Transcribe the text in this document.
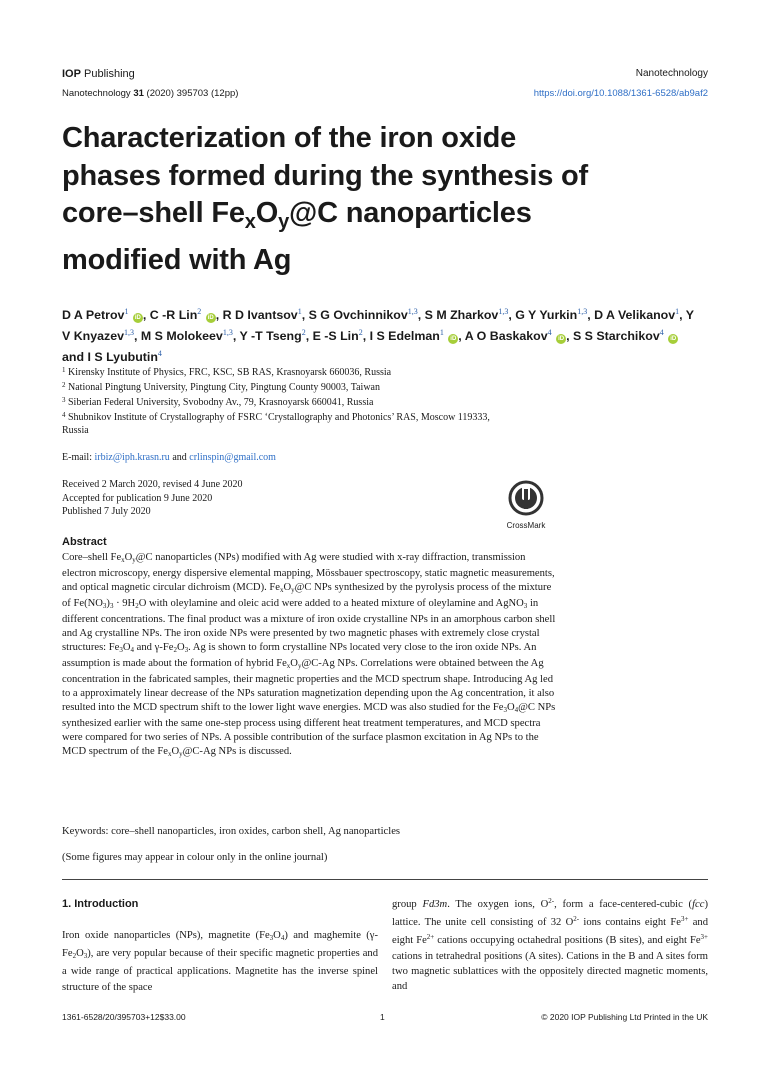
IOP Publishing	Nanotechnology
Nanotechnology 31 (2020) 395703 (12pp)	https://doi.org/10.1088/1361-6528/ab9af2
Characterization of the iron oxide
phases formed during the synthesis of
core–shell $Fe_xO_y@C$ nanoparticles
modified with Ag
D A Petrov$^1$ iD , C -R Lin$^2$ iD , R D Ivantsov$^1$, S G Ovchinnikov$^{1,3}$, S M Zharkov$^{1,3}$, G Y Yurkin$^{1,3}$, D A Velikanov$^1$, Y V Knyazev$^{1,3}$, M S Molokeev$^{1,3}$, Y -T Tseng$^2$, E -S Lin$^2$, I S Edelman$^1$ iD , A O Baskakov$^4$ iD , S S Starchikov$^4$ iD and I S Lyubutin$^4$
$^1$ Kirensky Institute of Physics, FRC, KSC, SB RAS, Krasnoyarsk 660036, Russia
$^2$ National Pingtung University, Pingtung City, Pingtung County 90003, Taiwan
$^3$ Siberian Federal University, Svobodny Av., 79, Krasnoyarsk 660041, Russia
$^4$ Shubnikov Institute of Crystallography of FSRC ‘Crystallography and Photonics’ RAS, Moscow 119333, Russia
E-mail: irbiz@iph.krasn.ru and crlinspin@gmail.com
Received 2 March 2020, revised 4 June 2020
Accepted for publication 9 June 2020
Published 7 July 2020
CrossMark
Abstract
Core–shell $Fe_xO_y@C$ nanoparticles (NPs) modified with Ag were studied with x-ray diffraction, transmission electron microscopy, energy dispersive elemental mapping, Mössbauer spectroscopy, static magnetic measurements, and optical magnetic circular dichroism (MCD). $Fe_xO_y@C$ NPs synthesized by the pyrolysis process of the mixture of $Fe(NO_3)_3 \cdot 9H_2O$ with oleylamine and oleic acid were added to a heated mixture of oleylamine and AgNO$_3$ in different concentrations. The final product was a mixture of iron oxide crystalline NPs in an amorphous carbon shell and Ag crystalline NPs. The iron oxide NPs were presented by two magnetic phases with extremely close crystal structures: $Fe_3O_4$ and $\gamma-Fe_2O_3$. Ag is shown to form crystalline NPs located very close to the iron oxide NPs. An assumption is made about the formation of hybrid $Fe_xO_y@C-Ag$ NPs. Correlations were obtained between the Ag concentration in the fabricated samples, their magnetic properties and the MCD spectrum shape. Introducing Ag led to a approximately linear decrease of the NPs saturation magnetization depending upon the Ag concentration, it also resulted into the MCD spectrum shift to the lower light wave energies. MCD was also studied for the $Fe_3O_4@C$ NPs synthesized earlier with the same one-step process using different heat treatment temperatures, and MCD spectra were compared for two series of NPs. A possible contribution of the surface plasmon excitation in Ag NPs to the MCD spectrum of the $Fe_xO_y@C-Ag$ NPs is discussed.
Keywords: core–shell nanoparticles, iron oxides, carbon shell, Ag nanoparticles
(Some figures may appear in colour only in the online journal)
1. Introduction
Iron oxide nanoparticles (NPs), magnetite $(Fe_3O_4)$ and maghemite $(\gamma-Fe_2O_3)$, are very popular because of their specific magnetic properties and a wide range of practical applications. Magnetite has the inverse spinel structure of the space
group Fd3m. The oxygen ions, $O^{2-}$, form a face-centered-cubic (fcc) lattice. The unite cell consisting of 32 $O^{2-}$ ions contains eight $Fe^{3+}$ and eight $Fe^{2+}$ cations occupying octahedral positions (B sites), and eight $Fe^{3+}$ cations in tetrahedral positions (A sites). Cations in the B and A sites form two magnetic sublattices with the oppositely directed magnetic moments, and
1361-6528/20/395703+12$33.00	1	© 2020 IOP Publishing Ltd Printed in the UK
